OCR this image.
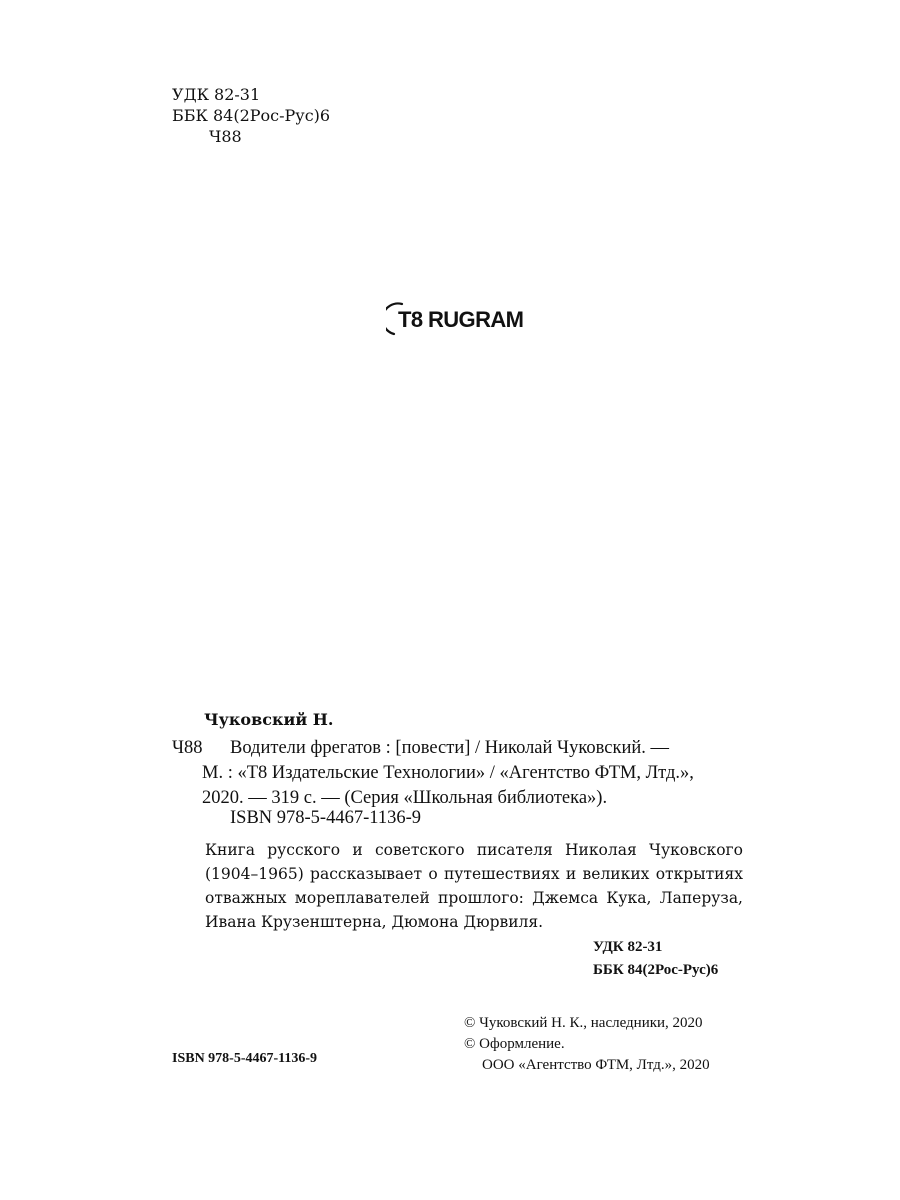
УДК 82-31
ББК 84(2Рос-Рус)6
Ч88
T8 RUGRAM
Чуковский Н.
Ч88	Водители фрегатов : [повести] / Николай Чуковский. —
М. : «Т8 Издательские Технологии» / «Агентство ФТМ, Лтд.»,
2020. — 319 с. — (Серия «Школьная библиотека»).
ISBN 978-5-4467-1136-9

Книга русского и советского писателя Николая Чуковского (1904–1965) рассказывает о путешествиях и великих открытиях отважных мореплавателей прошлого: Джемса Кука, Лаперуза, Ивана Крузенштерна, Дюмона Дюрвиля.

УДК 82-31
ББК 84(2Рос-Рус)6
© Чуковский Н. К., наследники, 2020
© Оформление.
ООО «Агентство ФТМ, Лтд.», 2020
ISBN 978-5-4467-1136-9
